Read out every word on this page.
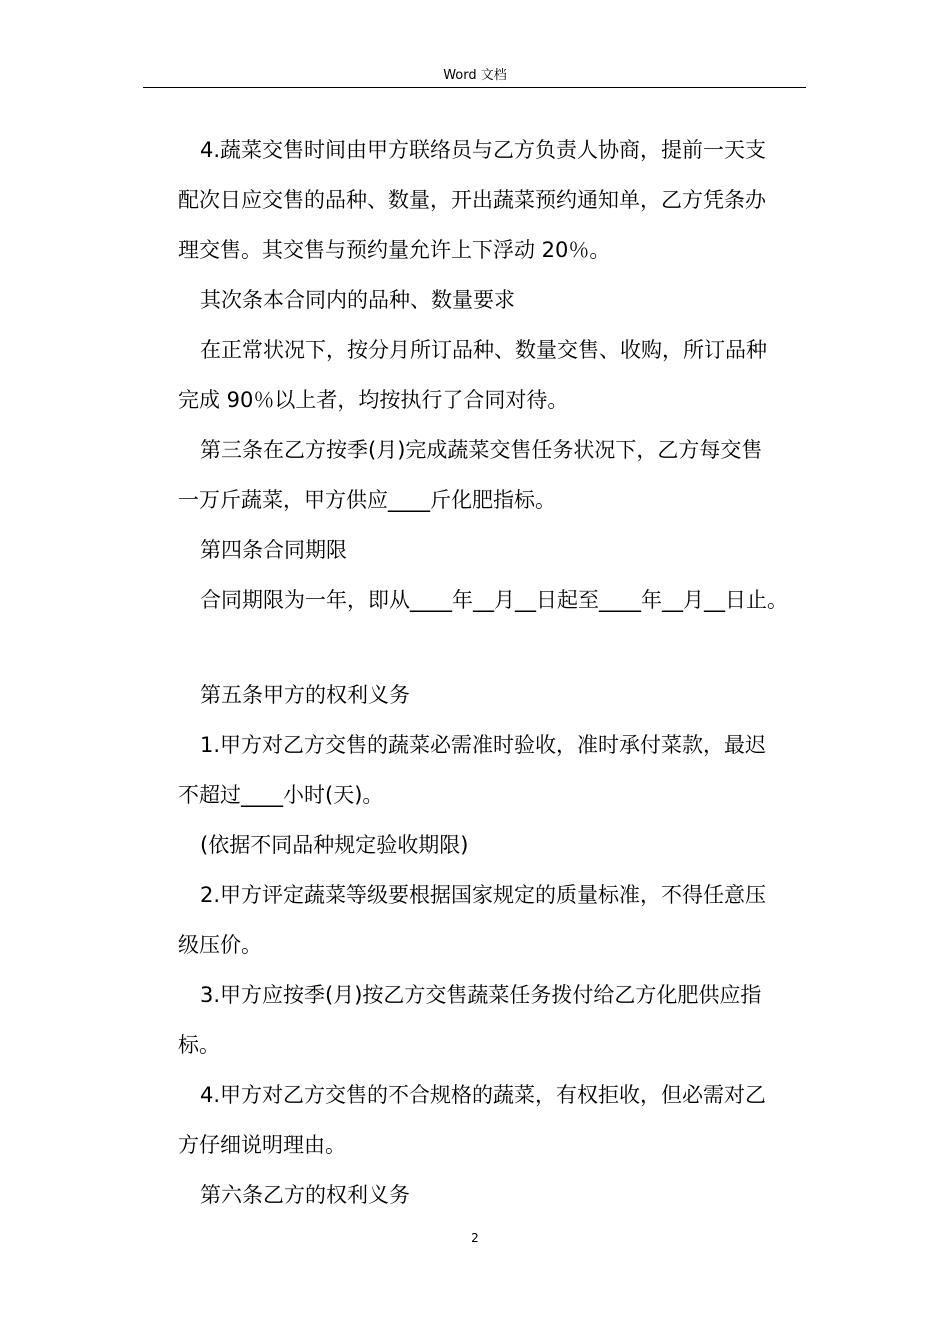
Word 文档
4.蔬菜交售时间由甲方联络员与乙方负责人协商，提前一天支
配次日应交售的品种、数量，开出蔬菜预约通知单，乙方凭条办
理交售。其交售与预约量允许上下浮动 20％。
其次条本合同内的品种、数量要求
在正常状况下，按分月所订品种、数量交售、收购，所订品种
完成 90％以上者，均按执行了合同对待。
第三条在乙方按季(月)完成蔬菜交售任务状况下，乙方每交售
一万斤蔬菜，甲方供应____斤化肥指标。
第四条合同期限
合同期限为一年，即从____年__月__日起至____年__月__日止。
第五条甲方的权利义务
1.甲方对乙方交售的蔬菜必需准时验收，准时承付菜款，最迟
不超过____小时(天)。
(依据不同品种规定验收期限)
2.甲方评定蔬菜等级要根据国家规定的质量标准，不得任意压
级压价。
3.甲方应按季(月)按乙方交售蔬菜任务拨付给乙方化肥供应指
标。
4.甲方对乙方交售的不合规格的蔬菜，有权拒收，但必需对乙
方仔细说明理由。
第六条乙方的权利义务
2
